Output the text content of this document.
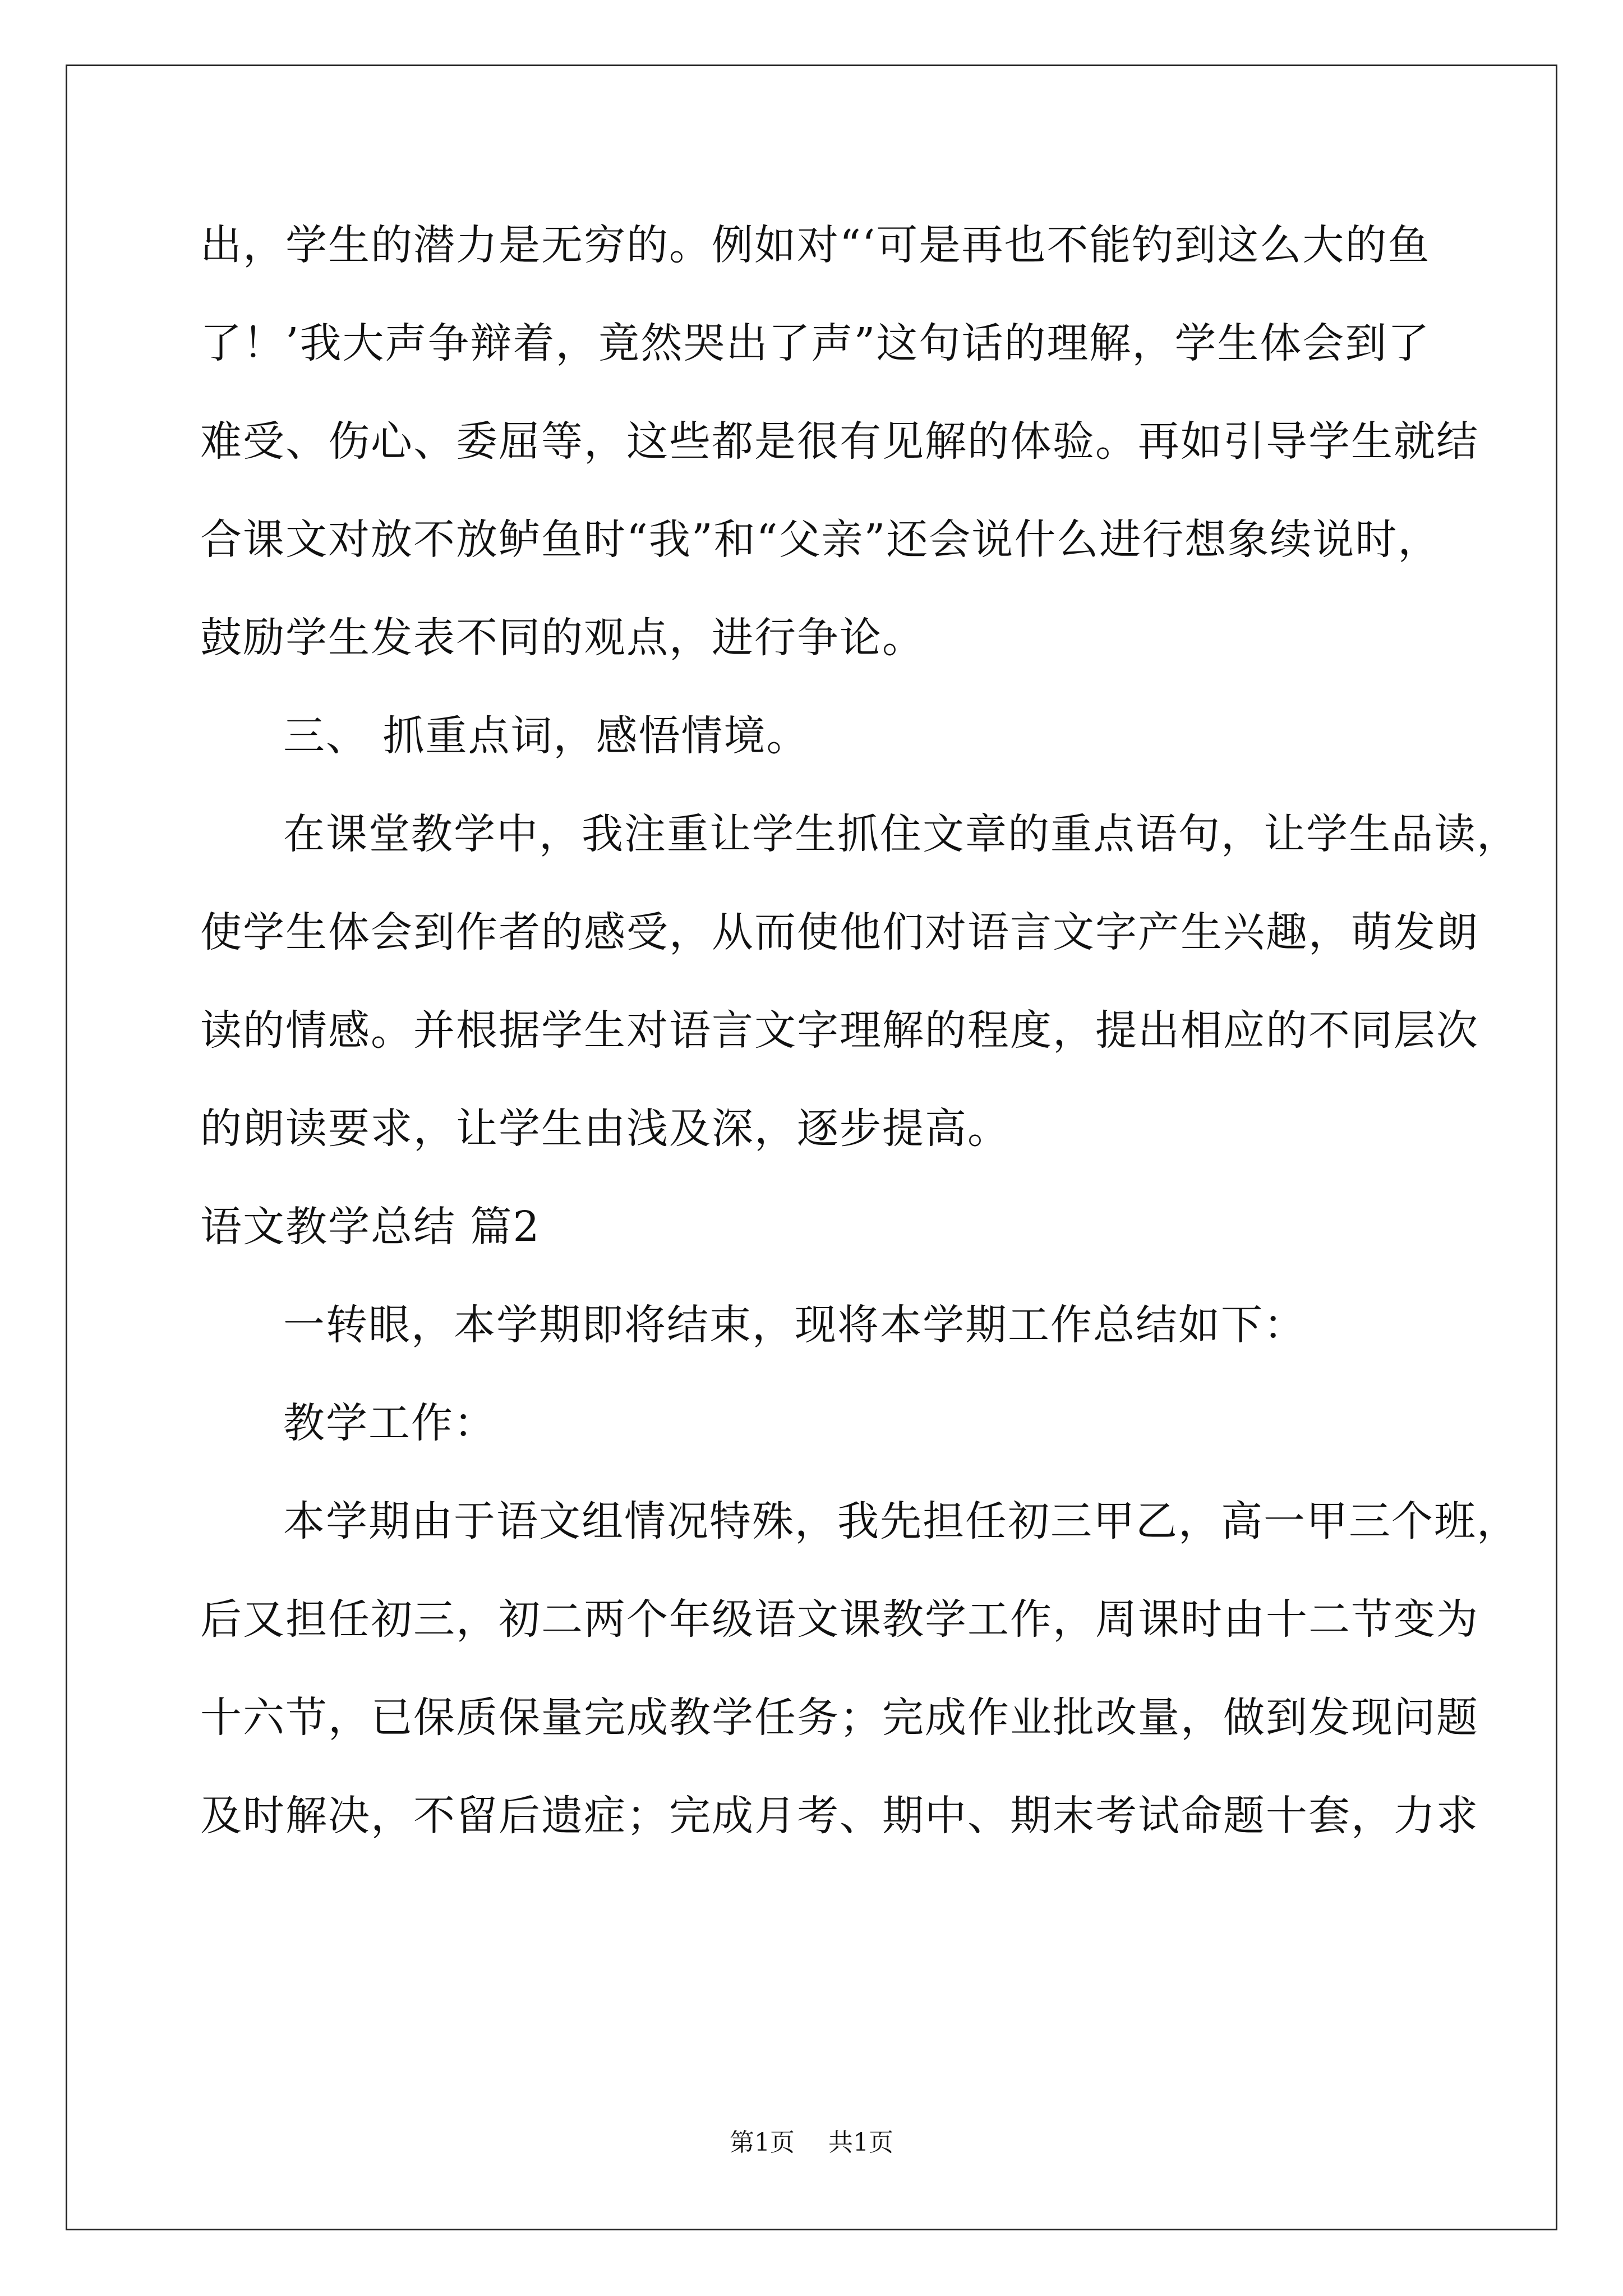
出，学生的潜力是无穷的。例如对“‘可是再也不能钓到这么大的鱼
了！’我大声争辩着，竟然哭出了声”这句话的理解，学生体会到了
难受、伤心、委屈等，这些都是很有见解的体验。再如引导学生就结
合课文对放不放鲈鱼时“我”和“父亲”还会说什么进行想象续说时，
鼓励学生发表不同的观点，进行争论。
三、 抓重点词，感悟情境。
在课堂教学中，我注重让学生抓住文章的重点语句，让学生品读，
使学生体会到作者的感受，从而使他们对语言文字产生兴趣，萌发朗
读的情感。并根据学生对语言文字理解的程度，提出相应的不同层次
的朗读要求，让学生由浅及深，逐步提高。
语文教学总结 篇2
一转眼，本学期即将结束，现将本学期工作总结如下：
教学工作：
本学期由于语文组情况特殊，我先担任初三甲乙，高一甲三个班，
后又担任初三，初二两个年级语文课教学工作，周课时由十二节变为
十六节，已保质保量完成教学任务；完成作业批改量，做到发现问题
及时解决，不留后遗症；完成月考、期中、期末考试命题十套，力求
第1页 共1页
